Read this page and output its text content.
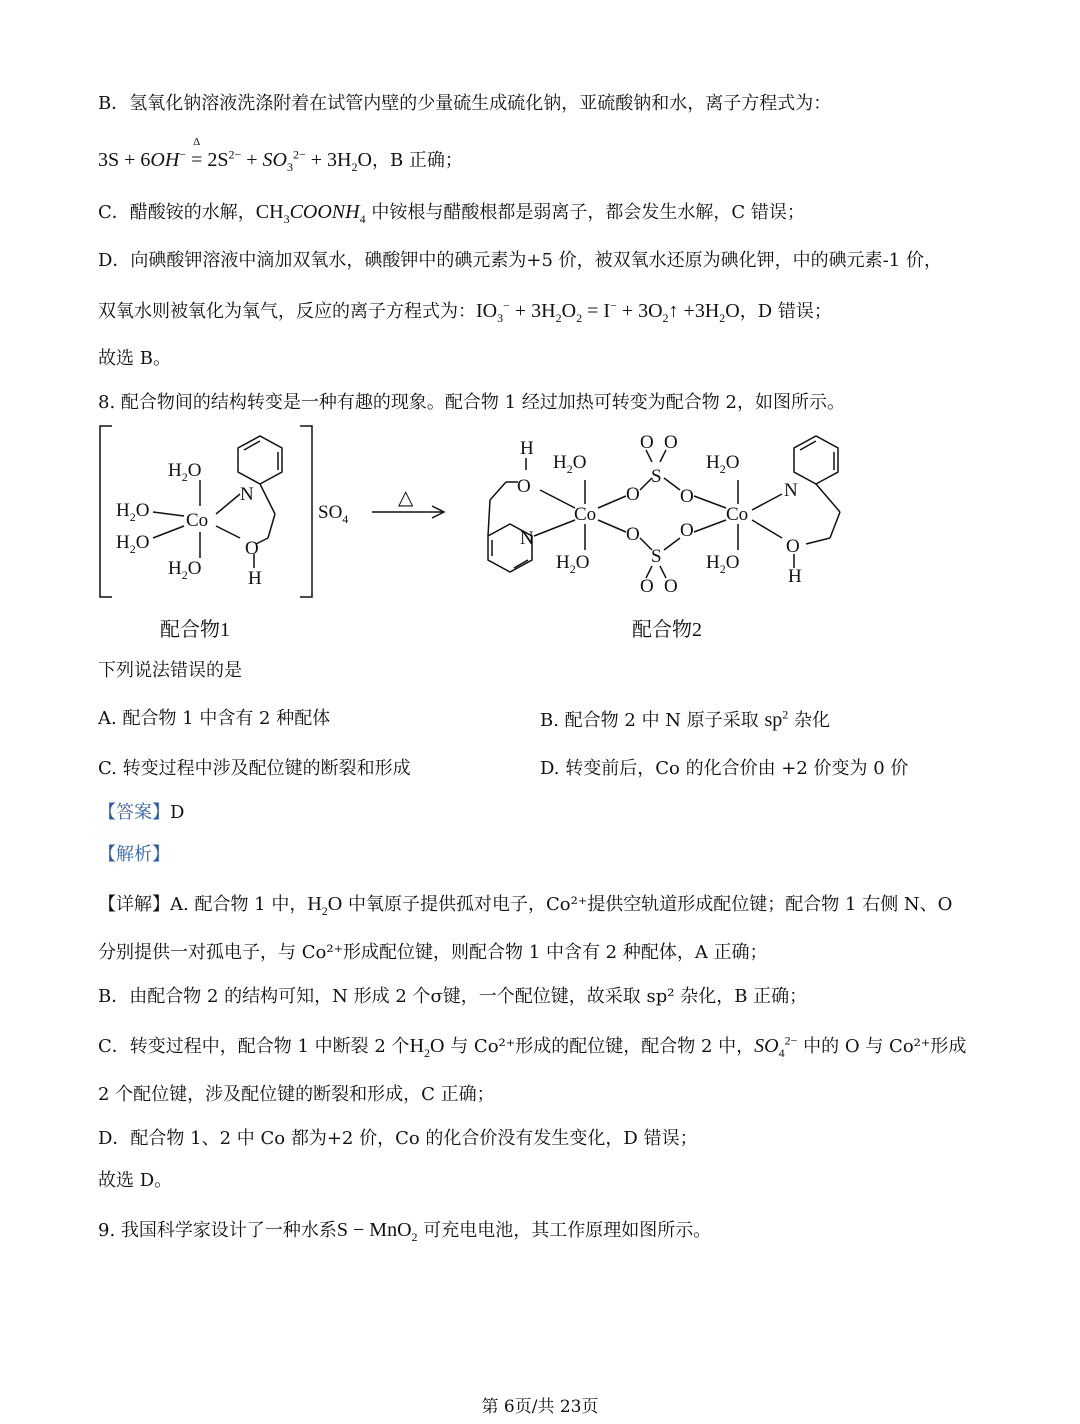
B．氢氧化钠溶液洗涤附着在试管内壁的少量硫生成硫化钠，亚硫酸钠和水，离子方程式为：
3S + 6OH− =
Δ
$2S^{2-} + SO_3^{2-} + 3H_2O$，B 正确；
C．醋酸铵的水解，$CH_3COONH_4$ 中铵根与醋酸根都是弱离子，都会发生水解，C 错误；
D．向碘酸钾溶液中滴加双氧水，碘酸钾中的碘元素为+5 价，被双氧水还原为碘化钾，中的碘元素-1 价，
双氧水则被氧化为氧气，反应的离子方程式为：$IO_3^- + 3H_2O_2 = I^-$ + $3O_2↑ +3H_2O$，D 错误；
故选 B。
8. 配合物间的结构转变是一种有趣的现象。配合物 1 经过加热可转变为配合物 2，如图所示。
$H_2O$
$H_2O$
$H_2O$
$H_2O$
Co
N
O
H
$SO_4$
△
H
O
N
$H_2O$
Co
$H_2O$
O
O
S
S
O O
O O
O
O
$H_2O$
Co
$H_2O$
N
O
H
配合物1	配合物2
下列说法错误的是
A. 配合物 1 中含有 2 种配体	B. 配合物 2 中 N 原子采取 $sp^2$ 杂化
C. 转变过程中涉及配位键的断裂和形成	D. 转变前后，Co 的化合价由 +2 价变为 0 价
【答案】D
【解析】
【详解】A. 配合物 1 中，$H_2O$ 中氧原子提供孤对电子，Co²⁺提供空轨道形成配位键；配合物 1 右侧 N、O
分别提供一对孤电子，与 Co²⁺形成配位键，则配合物 1 中含有 2 种配体，A 正确；
B．由配合物 2 的结构可知，N 形成 2 个σ键，一个配位键，故采取 sp² 杂化，B 正确；
C．转变过程中，配合物 1 中断裂 2 个$H_2O$ 与 Co²⁺形成的配位键，配合物 2 中，$SO_4^{2-}$ 中的 O 与 Co²⁺形成
2 个配位键，涉及配位键的断裂和形成，C 正确；
D．配合物 1、2 中 Co 都为+2 价，Co 的化合价没有发生变化，D 错误；
故选 D。
9. 我国科学家设计了一种水系S − MnO$_2$ 可充电电池，其工作原理如图所示。
第 6页/共 23页
